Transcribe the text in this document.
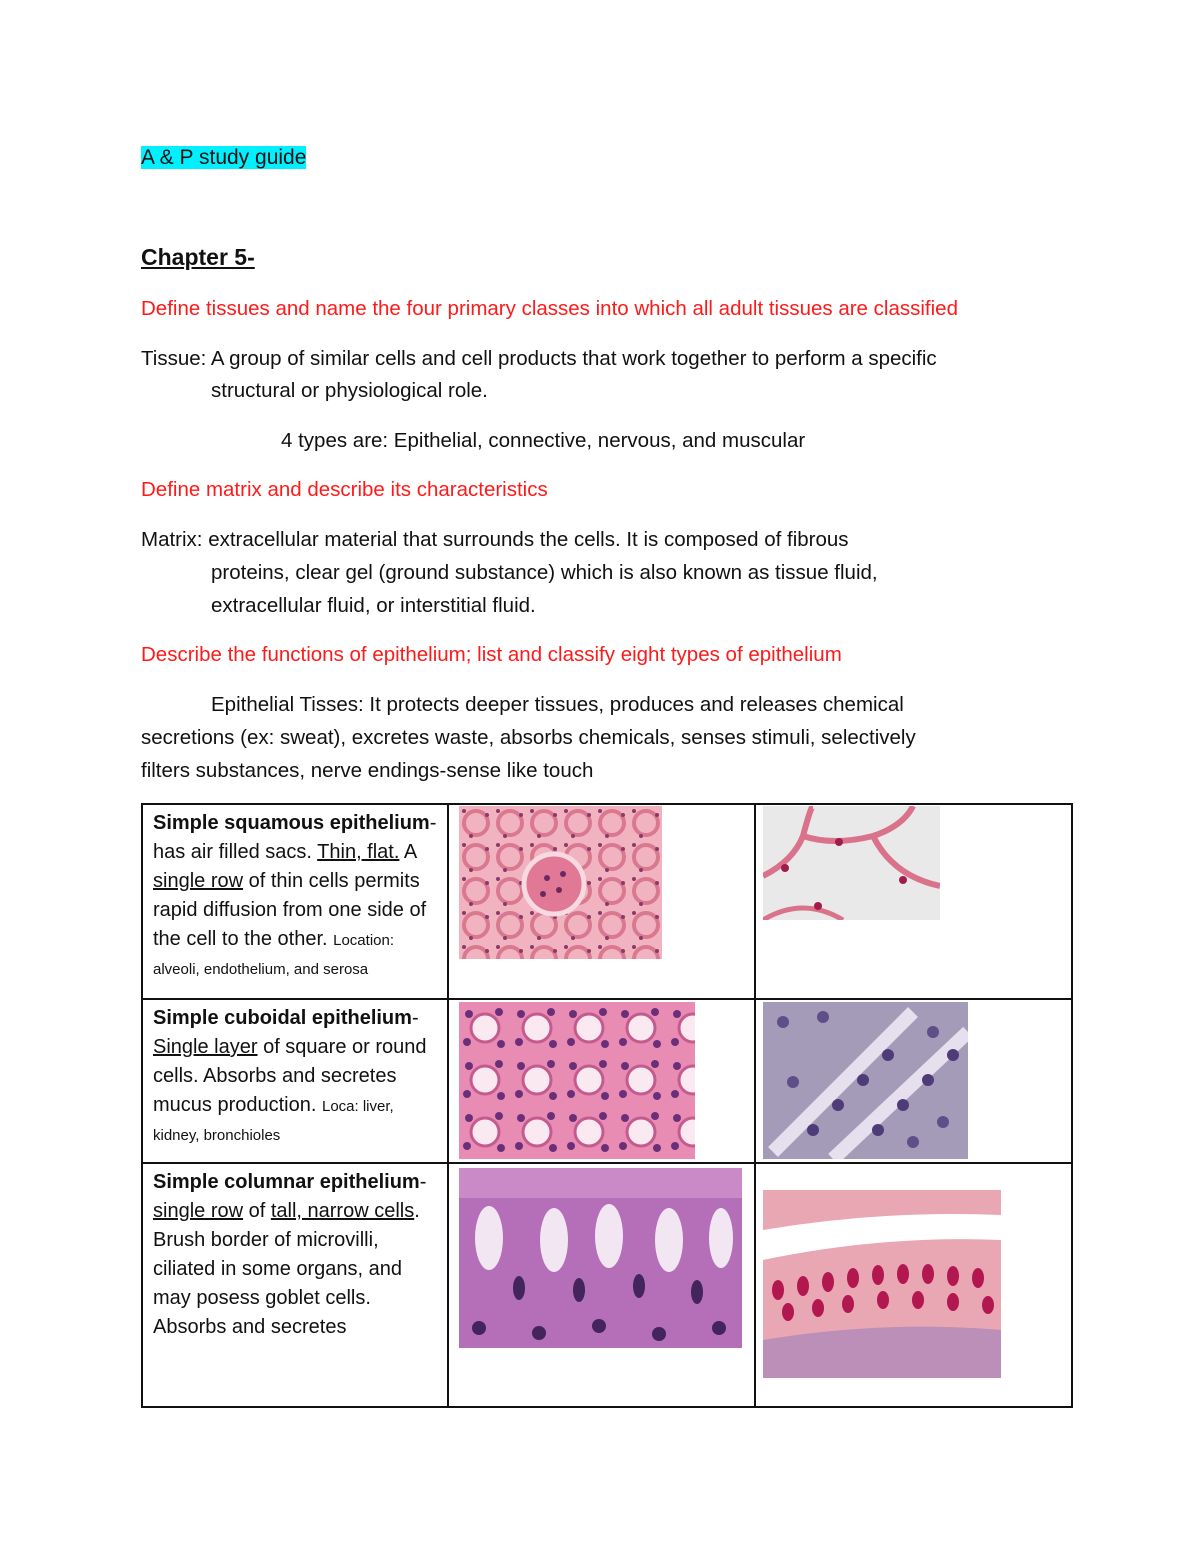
A & P study guide
Chapter 5-
Define tissues and name the four primary classes into which all adult tissues are classified
Tissue: A group of similar cells and cell products that work together to perform a specific
structural or physiological role.
4 types are: Epithelial, connective, nervous, and muscular
Define matrix and describe its characteristics
Matrix: extracellular material that surrounds the cells. It is composed of fibrous
proteins, clear gel (ground substance) which is also known as tissue fluid,
extracellular fluid, or interstitial fluid.
Describe the functions of epithelium; list and classify eight types of epithelium
Epithelial Tisses: It protects deeper tissues, produces and releases chemical
secretions (ex: sweat), excretes waste, absorbs chemicals, senses stimuli, selectively
filters substances, nerve endings-sense like touch
Simple squamous epithelium- has air filled sacs. Thin, flat. A single row of thin cells permits rapid diffusion from one side of the cell to the other. Location: alveoli, endothelium, and serosa		
Simple cuboidal epithelium- Single layer of square or round cells. Absorbs and secretes mucus production. Loca: liver, kidney, bronchioles		
Simple columnar epithelium- single row of tall, narrow cells. Brush border of microvilli, ciliated in some organs, and may posess goblet cells. Absorbs and secretes		
